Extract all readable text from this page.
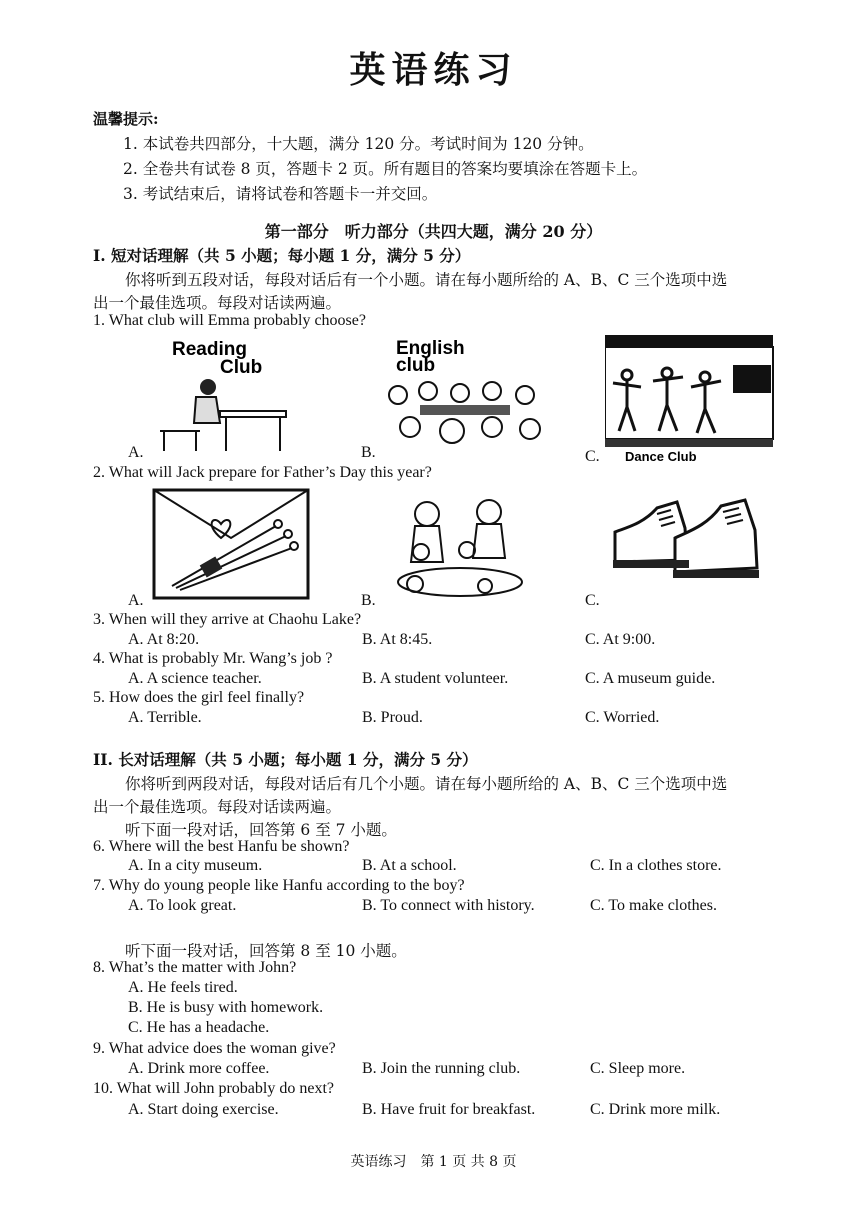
英语练习
温馨提示:
1. 本试卷共四部分，十大题，满分 120 分。考试时间为 120 分钟。
2. 全卷共有试卷 8 页，答题卡 2 页。所有题目的答案均要填涂在答题卡上。
3. 考试结束后，请将试卷和答题卡一并交回。
第一部分　听力部分（共四大题，满分 20 分）
I. 短对话理解（共 5 小题；每小题 1 分，满分 5 分）
你将听到五段对话，每段对话后有一个小题。请在每小题所给的 A、B、C 三个选项中选
出一个最佳选项。每段对话读两遍。
1. What club will Emma probably choose?
Reading
Club
A.
English
club
B.	Dance Club
C.
2. What will Jack prepare for Father’s Day this year?
A.	B.	C.
3. When will they arrive at Chaohu Lake?
A. At 8:20.	B. At 8:45.	C. At 9:00.
4. What is probably Mr. Wang’s job ?
A. A science teacher.	B. A student volunteer.	C. A museum guide.
5. How does the girl feel finally?
A. Terrible.	B. Proud.	C. Worried.
II. 长对话理解（共 5 小题；每小题 1 分，满分 5 分）
你将听到两段对话，每段对话后有几个小题。请在每小题所给的 A、B、C 三个选项中选
出一个最佳选项。每段对话读两遍。
听下面一段对话，回答第 6 至 7 小题。
6. Where will the best Hanfu be shown?
A. In a city museum.	B. At a school.	C. In a clothes store.
7. Why do young people like Hanfu according to the boy?
A. To look great.	B. To connect with history.	C. To make clothes.
听下面一段对话，回答第 8 至 10 小题。
8. What’s the matter with John?
A. He feels tired.
B. He is busy with homework.
C. He has a headache.
9. What advice does the woman give?
A. Drink more coffee.	B. Join the running club.	C. Sleep more.
10. What will John probably do next?
A. Start doing exercise.	B. Have fruit for breakfast.	C. Drink more milk.
英语练习　第 1 页 共 8 页
